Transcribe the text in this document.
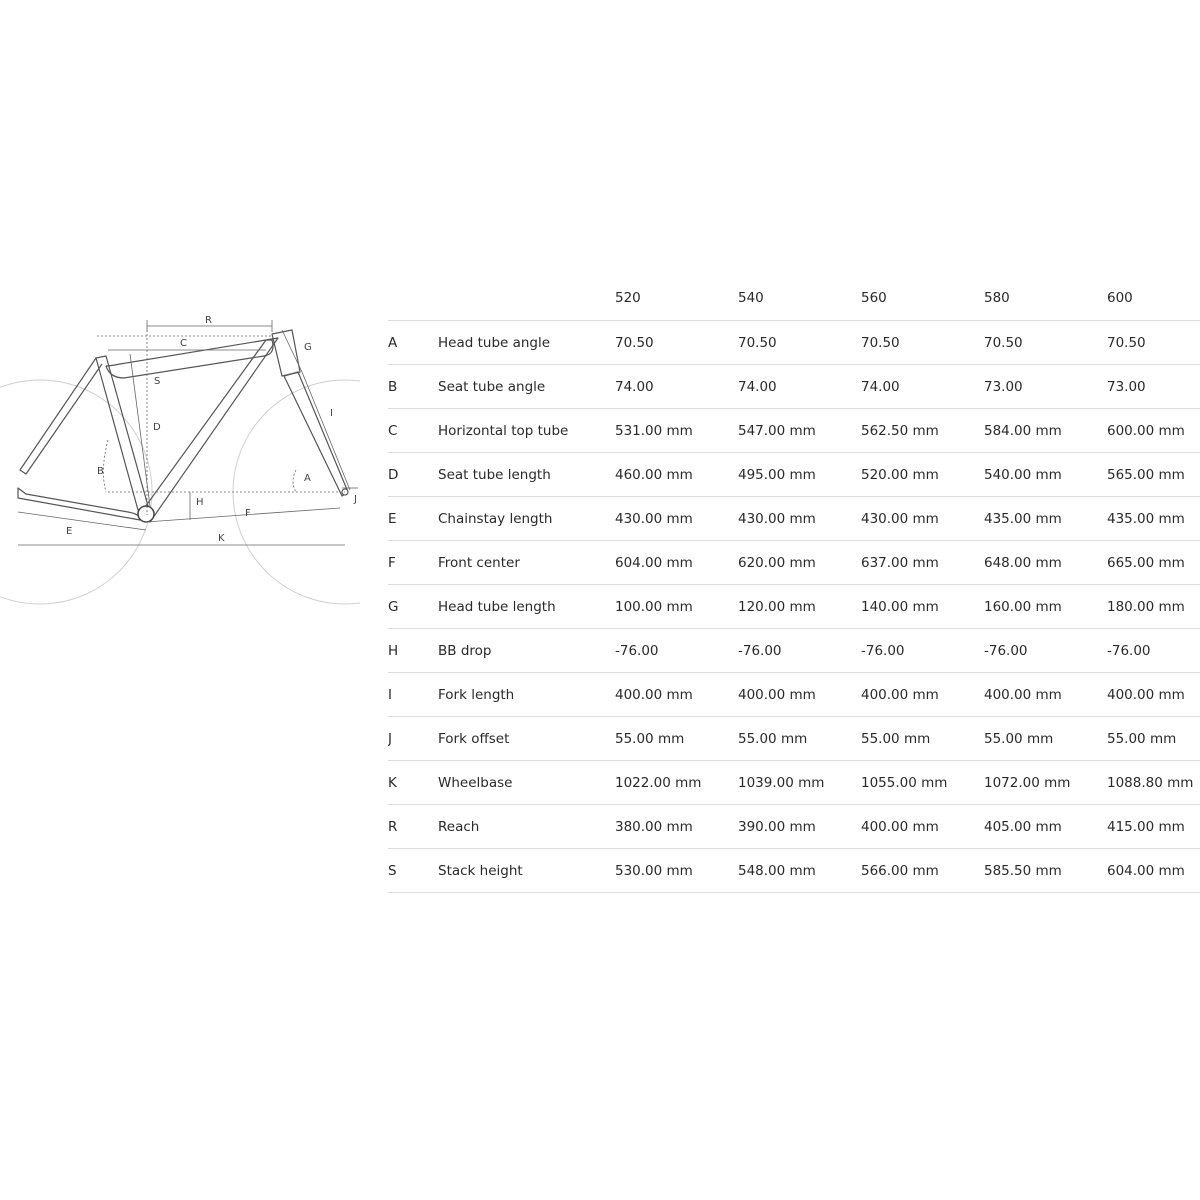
R
C
S
G
D
I
B
A
H	J
F
E
K
		520	540	560	580	600
A	Head tube angle	70.50	70.50	70.50	70.50	70.50
B	Seat tube angle	74.00	74.00	74.00	73.00	73.00
C	Horizontal top tube	531.00 mm	547.00 mm	562.50 mm	584.00 mm	600.00 mm
D	Seat tube length	460.00 mm	495.00 mm	520.00 mm	540.00 mm	565.00 mm
E	Chainstay length	430.00 mm	430.00 mm	430.00 mm	435.00 mm	435.00 mm
F	Front center	604.00 mm	620.00 mm	637.00 mm	648.00 mm	665.00 mm
G	Head tube length	100.00 mm	120.00 mm	140.00 mm	160.00 mm	180.00 mm
H	BB drop	-76.00	-76.00	-76.00	-76.00	-76.00
I	Fork length	400.00 mm	400.00 mm	400.00 mm	400.00 mm	400.00 mm
J	Fork offset	55.00 mm	55.00 mm	55.00 mm	55.00 mm	55.00 mm
K	Wheelbase	1022.00 mm	1039.00 mm	1055.00 mm	1072.00 mm	1088.80 mm
R	Reach	380.00 mm	390.00 mm	400.00 mm	405.00 mm	415.00 mm
S	Stack height	530.00 mm	548.00 mm	566.00 mm	585.50 mm	604.00 mm
